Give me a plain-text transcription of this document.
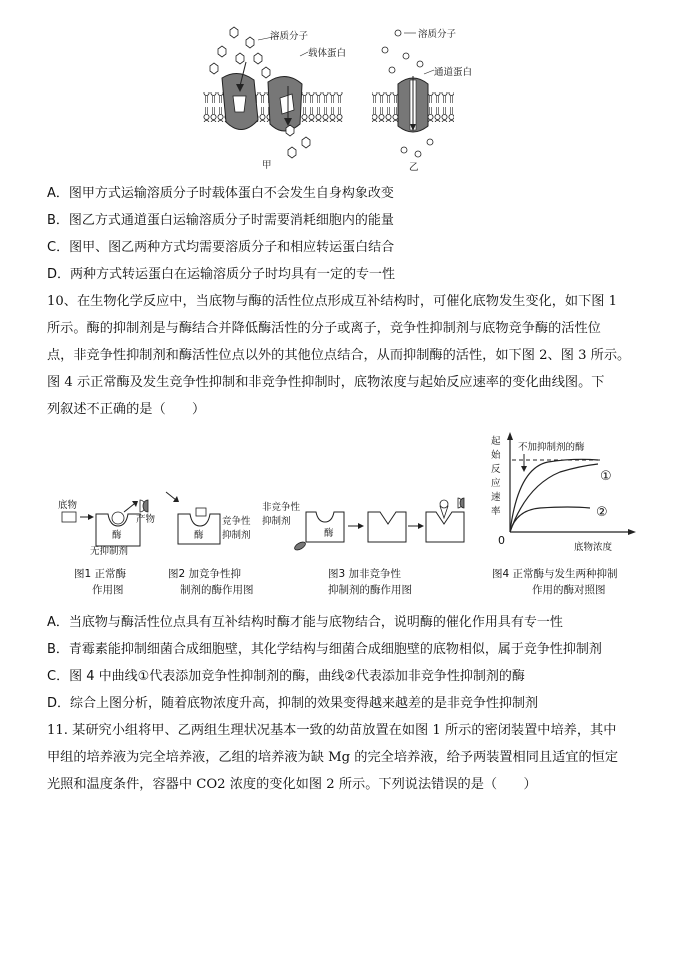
溶质分子
载体蛋白
甲
溶质分子
通道蛋白
乙
A．图甲方式运输溶质分子时载体蛋白不会发生自身构象改变
B．图乙方式通道蛋白运输溶质分子时需要消耗细胞内的能量
C．图甲、图乙两种方式均需要溶质分子和相应转运蛋白结合
D．两种方式转运蛋白在运输溶质分子时均具有一定的专一性
10、在生物化学反应中，当底物与酶的活性位点形成互补结构时，可催化底物发生变化，如下图 1
所示。酶的抑制剂是与酶结合并降低酶活性的分子或离子，竞争性抑制剂与底物竞争酶的活性位
点，非竞争性抑制剂和酶活性位点以外的其他位点结合，从而抑制酶的活性，如下图 2、图 3 所示。
图 4 示正常酶及发生竞争性抑制和非竞争性抑制时，底物浓度与起始反应速率的变化曲线图。下
列叙述不正确的是（　　）
底物
产物
酶
无抑制剂
酶
竞争性
抑制剂
非竞争性
抑制剂
酶
起
始
反
应
速
率
不加抑制剂的酶
①
②
0
底物浓度
图1 正常酶
作用图
图2 加竞争性抑
制剂的酶作用图
图3 加非竞争性
抑制剂的酶作用图
图4 正常酶与发生两种抑制
作用的酶对照图
A．当底物与酶活性位点具有互补结构时酶才能与底物结合，说明酶的催化作用具有专一性
B．青霉素能抑制细菌合成细胞壁，其化学结构与细菌合成细胞壁的底物相似，属于竞争性抑制剂
C．图 4 中曲线①代表添加竞争性抑制剂的酶，曲线②代表添加非竞争性抑制剂的酶
D．综合上图分析，随着底物浓度升高，抑制的效果变得越来越差的是非竞争性抑制剂
11. 某研究小组将甲、乙两组生理状况基本一致的幼苗放置在如图 1 所示的密闭装置中培养，其中
甲组的培养液为完全培养液，乙组的培养液为缺 Mg 的完全培养液，给予两装置相同且适宜的恒定
光照和温度条件，容器中 CO2 浓度的变化如图 2 所示。下列说法错误的是（　　）
